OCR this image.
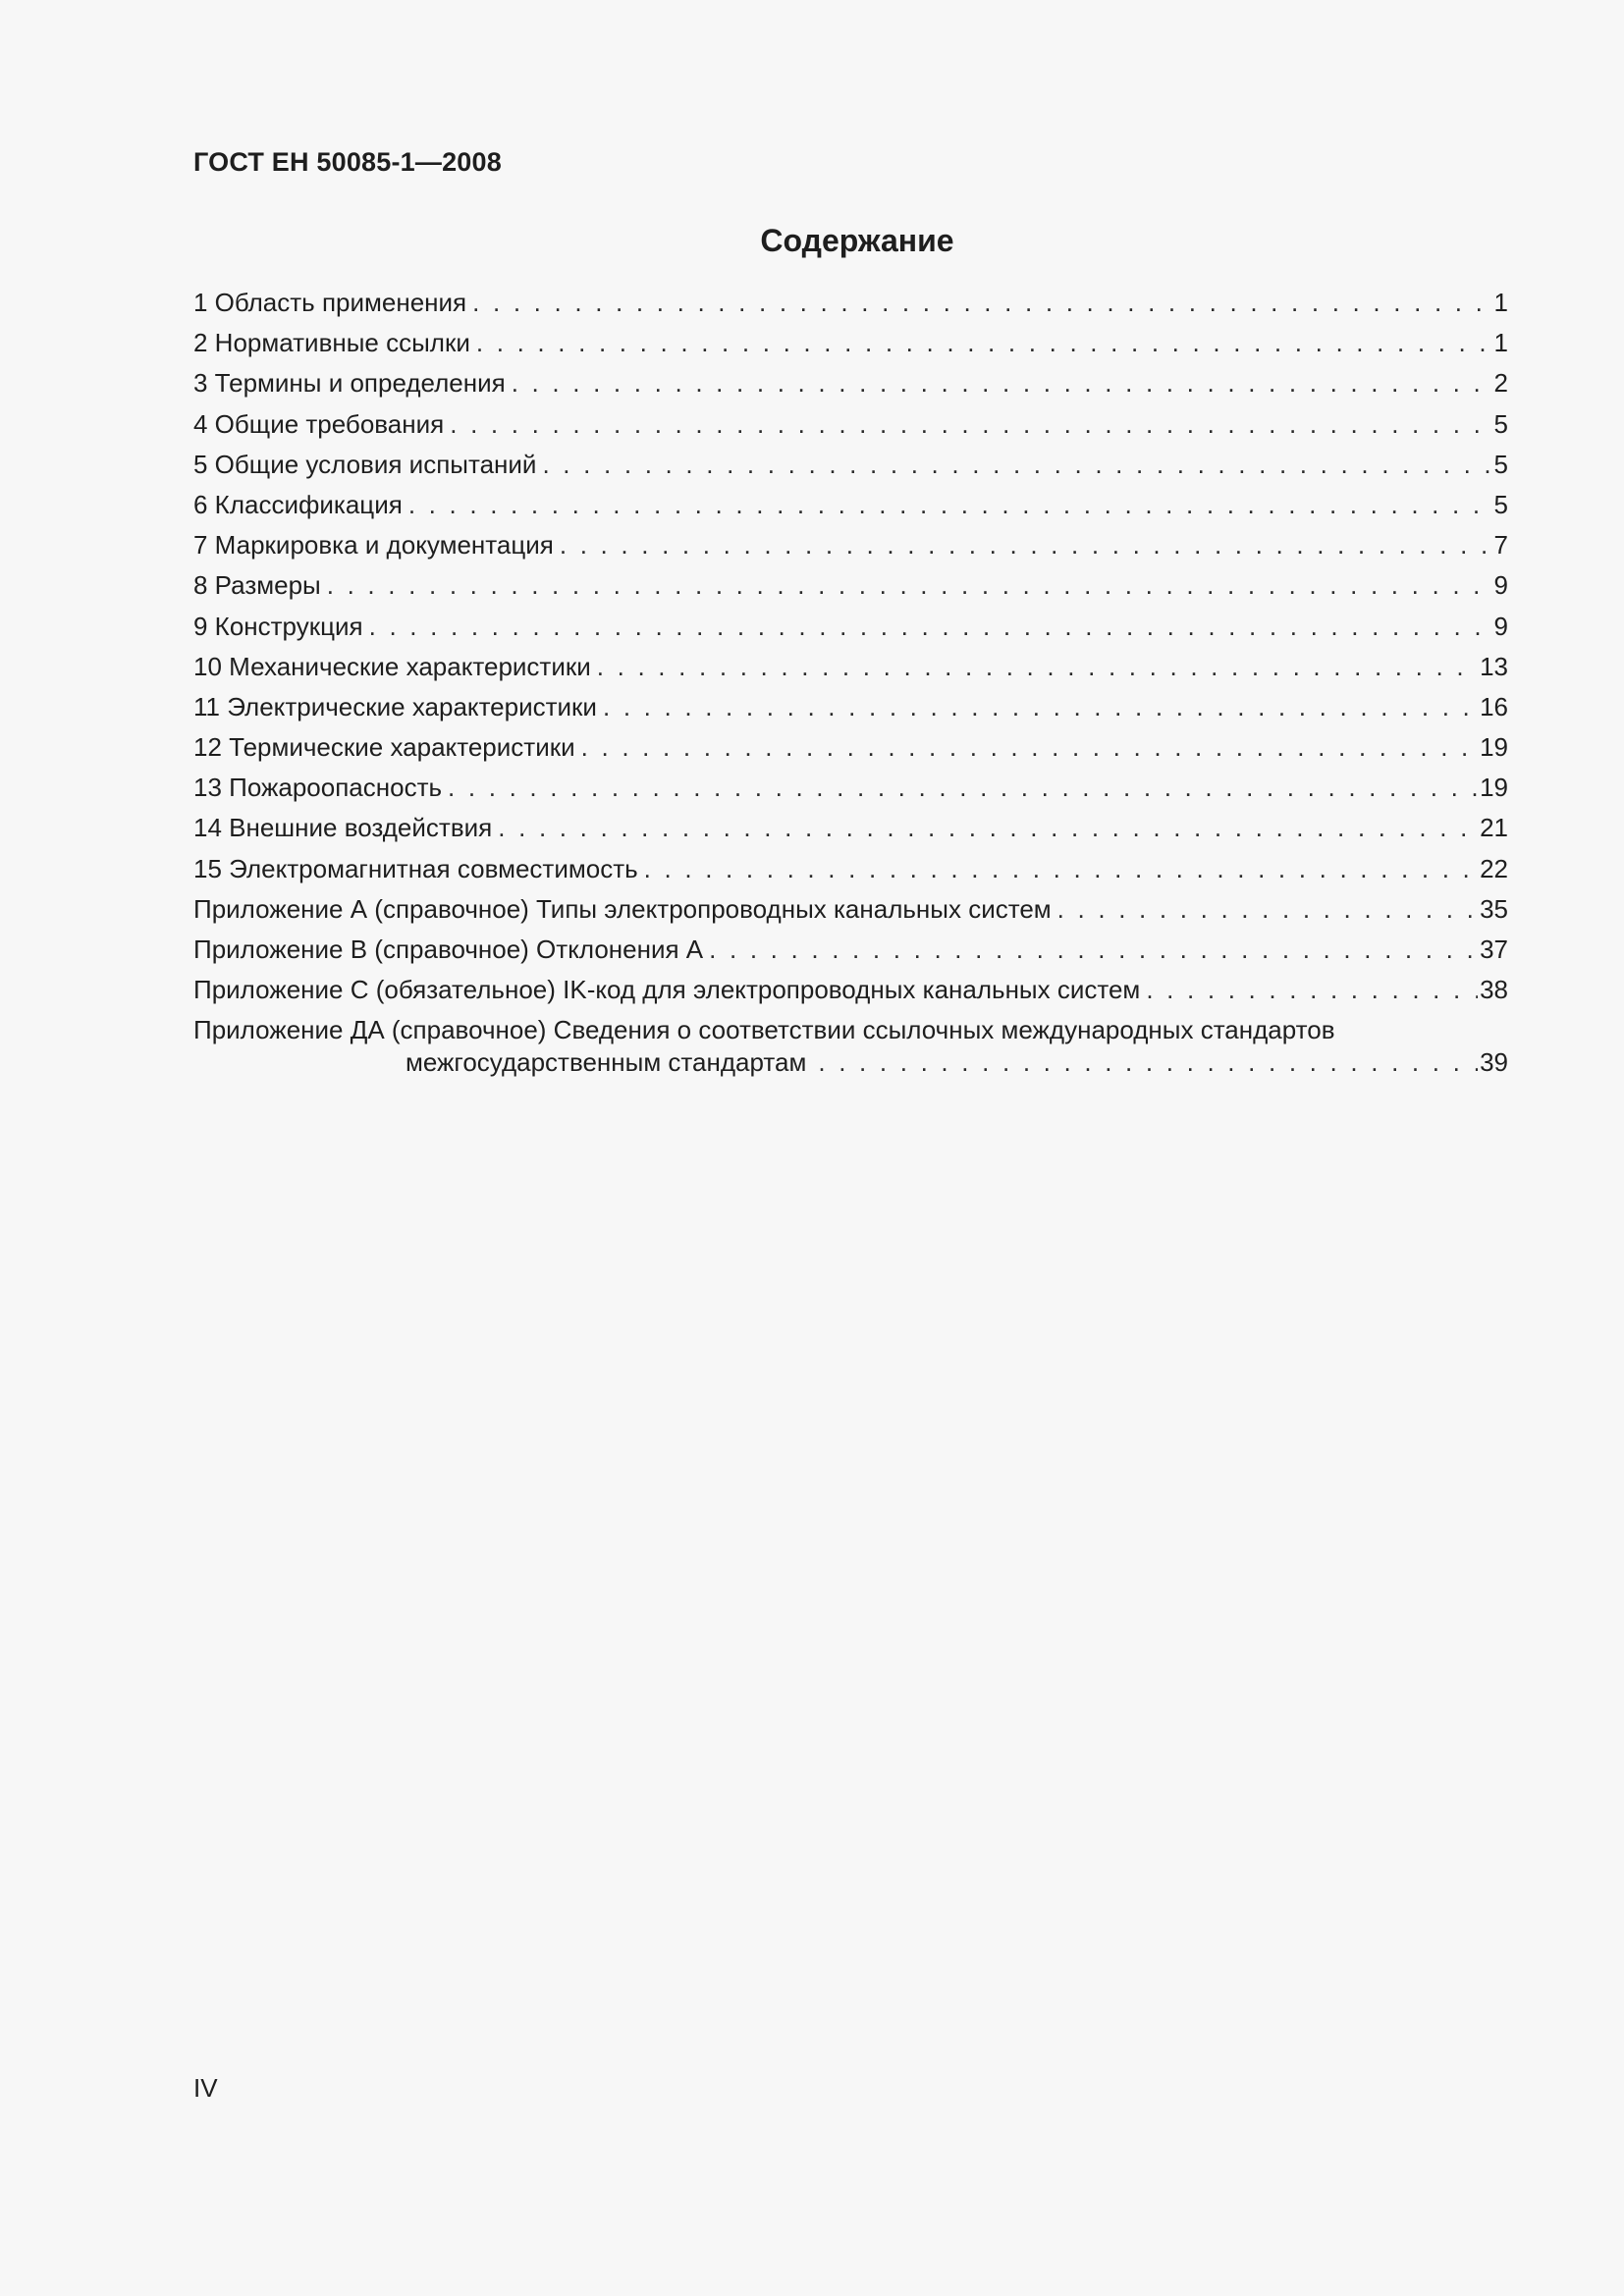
ГОСТ ЕН 50085-1—2008
Содержание
1 Область применения . . .	1
2 Нормативные ссылки . . .	1
3 Термины и определения . . .	2
4 Общие требования . . .	5
5 Общие условия испытаний . . .	5
6 Классификация . . .	5
7 Маркировка и документация . . .	7
8 Размеры . . .	9
9 Конструкция . . .	9
10 Механические характеристики . . .	13
11 Электрические характеристики . . .	16
12 Термические характеристики . . .	19
13 Пожароопасность . . .	19
14 Внешние воздействия . . .	21
15 Электромагнитная совместимость . . .	22
Приложение А (справочное) Типы электропроводных канальных систем . . .	35
Приложение В (справочное) Отклонения А . . .	37
Приложение С (обязательное) IK-код для электропроводных канальных систем . . .	38
Приложение ДА (справочное) Сведения о соответствии ссылочных международных стандартов
межгосударственным стандартам . . .	39
IV
